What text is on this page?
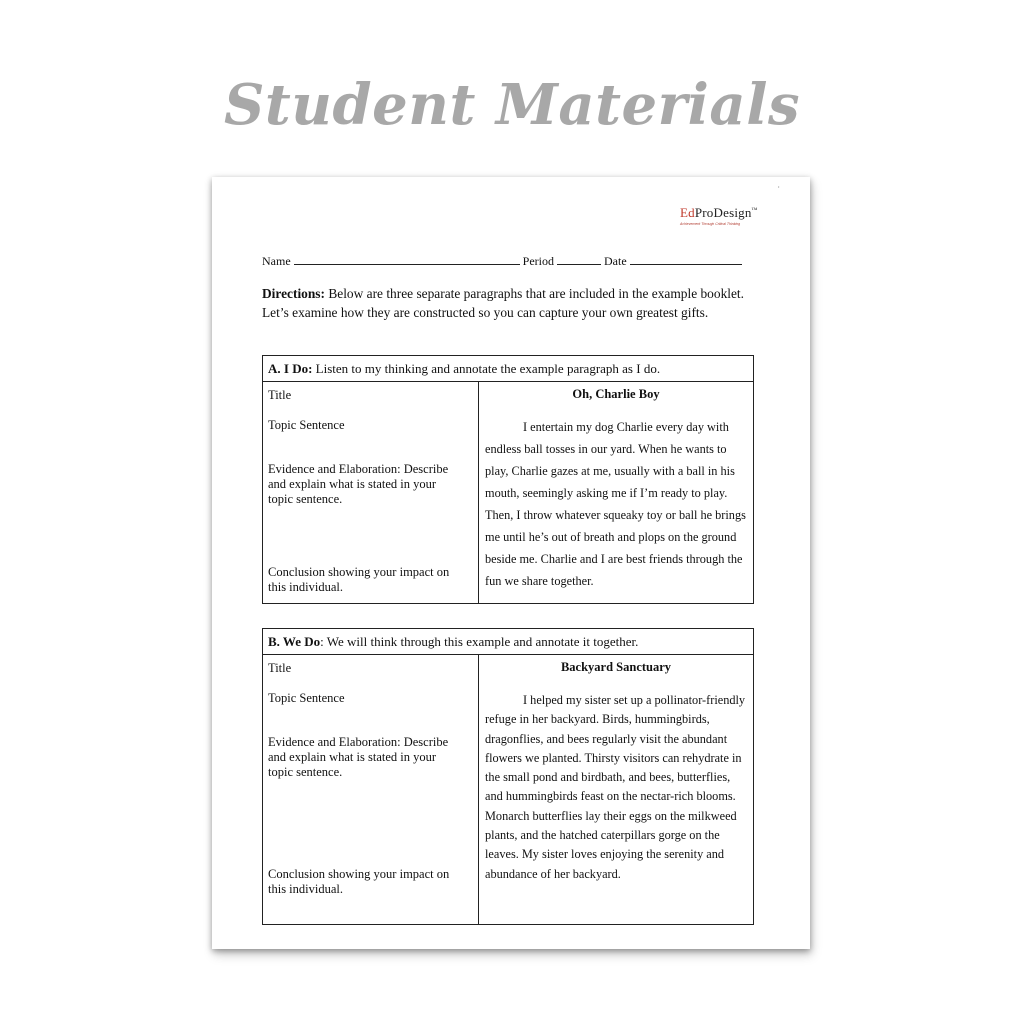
Student Materials
·
EdProDesign™
Achievement Through Critical Thinking
Name	Period	Date
Directions: Below are three separate paragraphs that are included in the example booklet. Let’s examine how they are constructed so you can capture your own greatest gifts.
A. I Do: Listen to my thinking and annotate the example paragraph as I do.

Title
Topic Sentence
Evidence and Elaboration: Describe and explain what is stated in your topic sentence.
Conclusion showing your impact on this individual.

Oh, Charlie Boy
I entertain my dog Charlie every day with endless ball tosses in our yard. When he wants to play, Charlie gazes at me, usually with a ball in his mouth, seemingly asking me if I’m ready to play. Then, I throw whatever squeaky toy or ball he brings me until he’s out of breath and plops on the ground beside me. Charlie and I are best friends through the fun we share together.
B. We Do: We will think through this example and annotate it together.

Title
Topic Sentence
Evidence and Elaboration: Describe and explain what is stated in your topic sentence.
Conclusion showing your impact on this individual.

Backyard Sanctuary
I helped my sister set up a pollinator-friendly refuge in her backyard. Birds, hummingbirds, dragonflies, and bees regularly visit the abundant flowers we planted. Thirsty visitors can rehydrate in the small pond and birdbath, and bees, butterflies, and hummingbirds feast on the nectar-rich blooms. Monarch butterflies lay their eggs on the milkweed plants, and the hatched caterpillars gorge on the leaves. My sister loves enjoying the serenity and abundance of her backyard.
